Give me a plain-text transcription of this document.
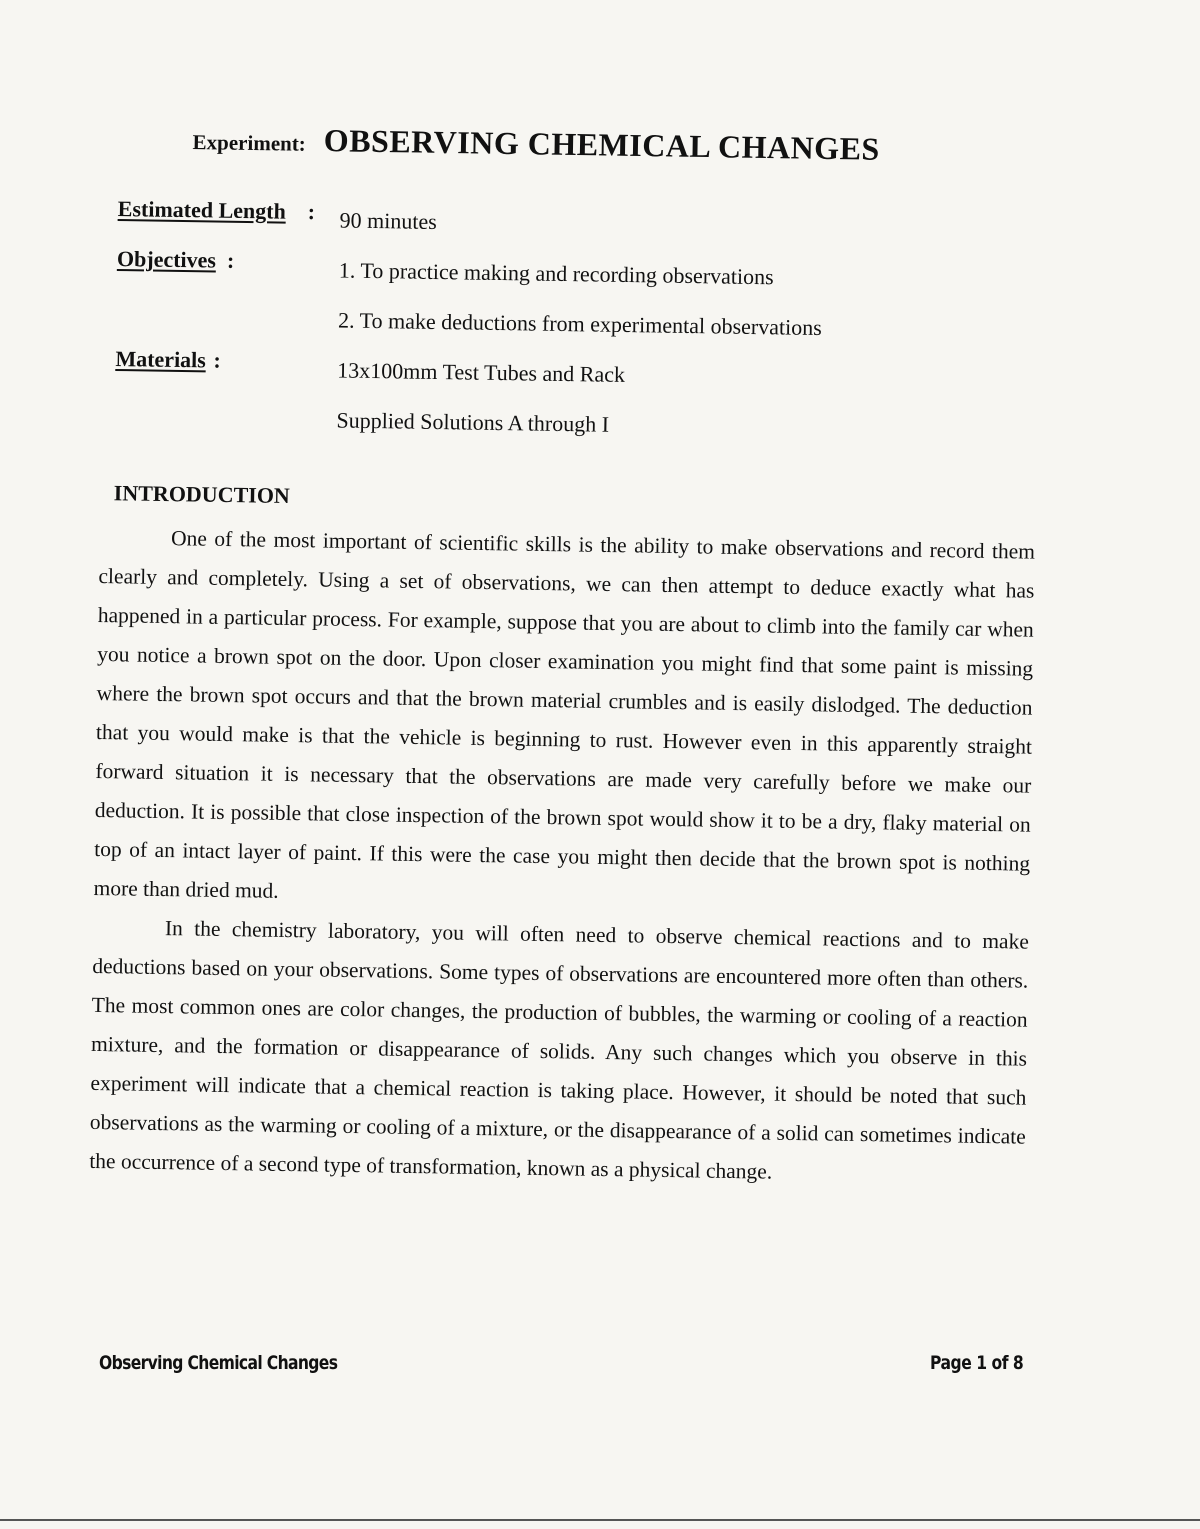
Experiment: OBSERVING CHEMICAL CHANGES
Estimated Length : 90 minutes
Objectives :	1. To practice making and recording observations
2. To make deductions from experimental observations
Materials :	13x100mm Test Tubes and Rack
Supplied Solutions A through I
INTRODUCTION

One of the most important of scientific skills is the ability to make observations and record them clearly and completely. Using a set of observations, we can then attempt to deduce exactly what has happened in a particular process. For example, suppose that you are about to climb into the family car when you notice a brown spot on the door. Upon closer examination you might find that some paint is missing where the brown spot occurs and that the brown material crumbles and is easily dislodged. The deduction that you would make is that the vehicle is beginning to rust. However even in this apparently straight forward situation it is necessary that the observations are made very carefully before we make our deduction. It is possible that close inspection of the brown spot would show it to be a dry, flaky material on top of an intact layer of paint. If this were the case you might then decide that the brown spot is nothing more than dried mud.

In the chemistry laboratory, you will often need to observe chemical reactions and to make deductions based on your observations. Some types of observations are encountered more often than others. The most common ones are color changes, the production of bubbles, the warming or cooling of a reaction mixture, and the formation or disappearance of solids. Any such changes which you observe in this experiment will indicate that a chemical reaction is taking place. However, it should be noted that such observations as the warming or cooling of a mixture, or the disappearance of a solid can sometimes indicate the occurrence of a second type of transformation, known as a physical change.

Observing Chemical Changes	Page 1 of 8
